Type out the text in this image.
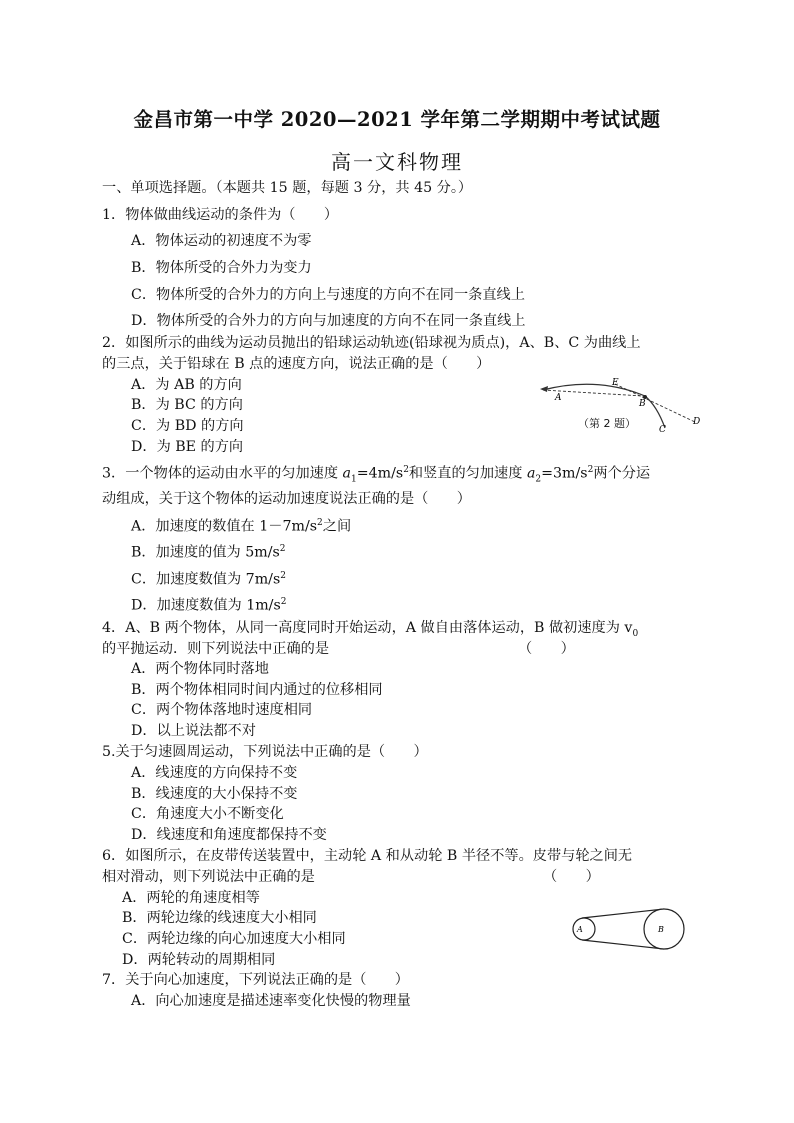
金昌市第一中学 2020—2021 学年第二学期期中考试试题
高一文科物理
一、单项选择题。（本题共 15 题，每题 3 分，共 45 分。）
1．物体做曲线运动的条件为（　　）
A．物体运动的初速度不为零
B．物体所受的合外力为变力
C．物体所受的合外力的方向上与速度的方向不在同一条直线上
D．物体所受的合外力的方向与加速度的方向不在同一条直线上
2．如图所示的曲线为运动员抛出的铅球运动轨迹(铅球视为质点)，A、B、C 为曲线上
的三点，关于铅球在 B 点的速度方向，说法正确的是（　　）
A．为 AB 的方向
B．为 BC 的方向
C．为 BD 的方向
D．为 BE 的方向
A
E
B
C
D
（第 2 题）
3．一个物体的运动由水平的匀加速度 $a_1=4m/s^2$和竖直的匀加速度 $a_2=3m/s^2$两个分运
动组成，关于这个物体的运动加速度说法正确的是（　　）
A．加速度的数值在 $1-7m/s^2$之间
B．加速度的值为 $5m/s^2$
C．加速度数值为 $7m/s^2$
D．加速度数值为 $1m/s^2$
4．A、B 两个物体，从同一高度同时开始运动，A 做自由落体运动，B 做初速度为 $v_0$
的平抛运动．则下列说法中正确的是	（　　）
A．两个物体同时落地
B．两个物体相同时间内通过的位移相同
C．两个物体落地时速度相同
D．以上说法都不对
5.关于匀速圆周运动，下列说法中正确的是（　　）
A．线速度的方向保持不变
B．线速度的大小保持不变
C．角速度大小不断变化
D．线速度和角速度都保持不变
6．如图所示，在皮带传送装置中，主动轮 A 和从动轮 B 半径不等。皮带与轮之间无
相对滑动，则下列说法中正确的是	（　　）
A．两轮的角速度相等
B．两轮边缘的线速度大小相同
C．两轮边缘的向心加速度大小相同
D．两轮转动的周期相同
A	B
7．关于向心加速度，下列说法正确的是（　　）
A．向心加速度是描述速率变化快慢的物理量
